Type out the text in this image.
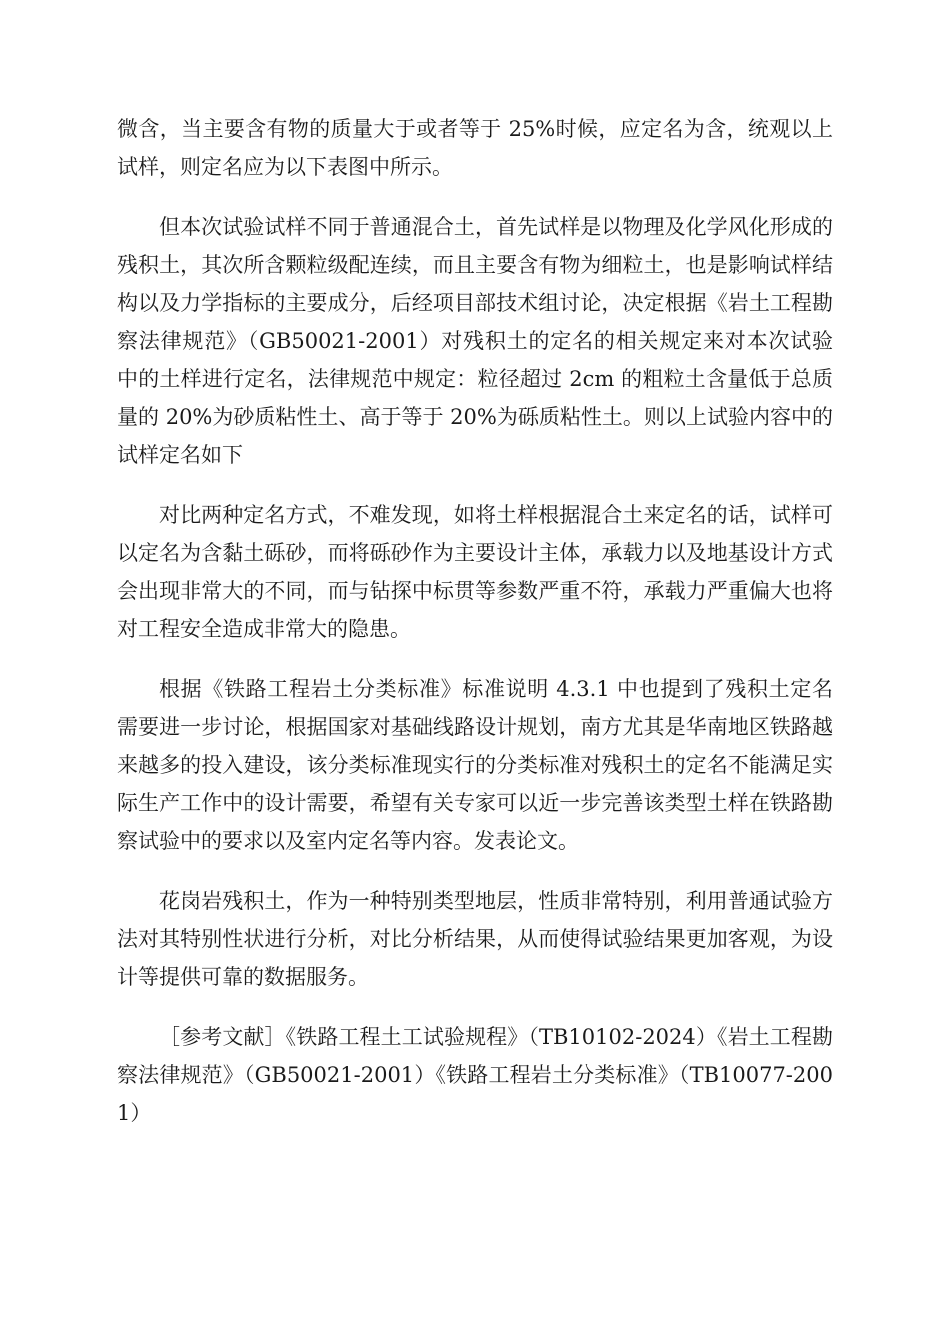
微含，当主要含有物的质量大于或者等于 25%时候，应定名为含，统观以上试样，则定名应为以下表图中所示。

但本次试验试样不同于普通混合土，首先试样是以物理及化学风化形成的残积土，其次所含颗粒级配连续，而且主要含有物为细粒土，也是影响试样结构以及力学指标的主要成分，后经项目部技术组讨论，决定根据《岩土工程勘察法律规范》（GB50021-2001）对残积土的定名的相关规定来对本次试验中的土样进行定名，法律规范中规定：粒径超过 2cm 的粗粒土含量低于总质量的 20%为砂质粘性土、高于等于 20%为砾质粘性土。则以上试验内容中的试样定名如下

对比两种定名方式，不难发现，如将土样根据混合土来定名的话，试样可以定名为含黏土砾砂，而将砾砂作为主要设计主体，承载力以及地基设计方式会出现非常大的不同，而与钻探中标贯等参数严重不符，承载力严重偏大也将对工程安全造成非常大的隐患。

根据《铁路工程岩土分类标准》标准说明 4.3.1 中也提到了残积土定名需要进一步讨论，根据国家对基础线路设计规划，南方尤其是华南地区铁路越来越多的投入建设，该分类标准现实行的分类标准对残积土的定名不能满足实际生产工作中的设计需要，希望有关专家可以近一步完善该类型土样在铁路勘察试验中的要求以及室内定名等内容。发表论文。

花岗岩残积土，作为一种特别类型地层，性质非常特别，利用普通试验方法对其特别性状进行分析，对比分析结果，从而使得试验结果更加客观，为设计等提供可靠的数据服务。

［参考文献］《铁路工程土工试验规程》（TB10102-2024）《岩土工程勘察法律规范》（GB50021-2001）《铁路工程岩土分类标准》（TB10077-2001）
